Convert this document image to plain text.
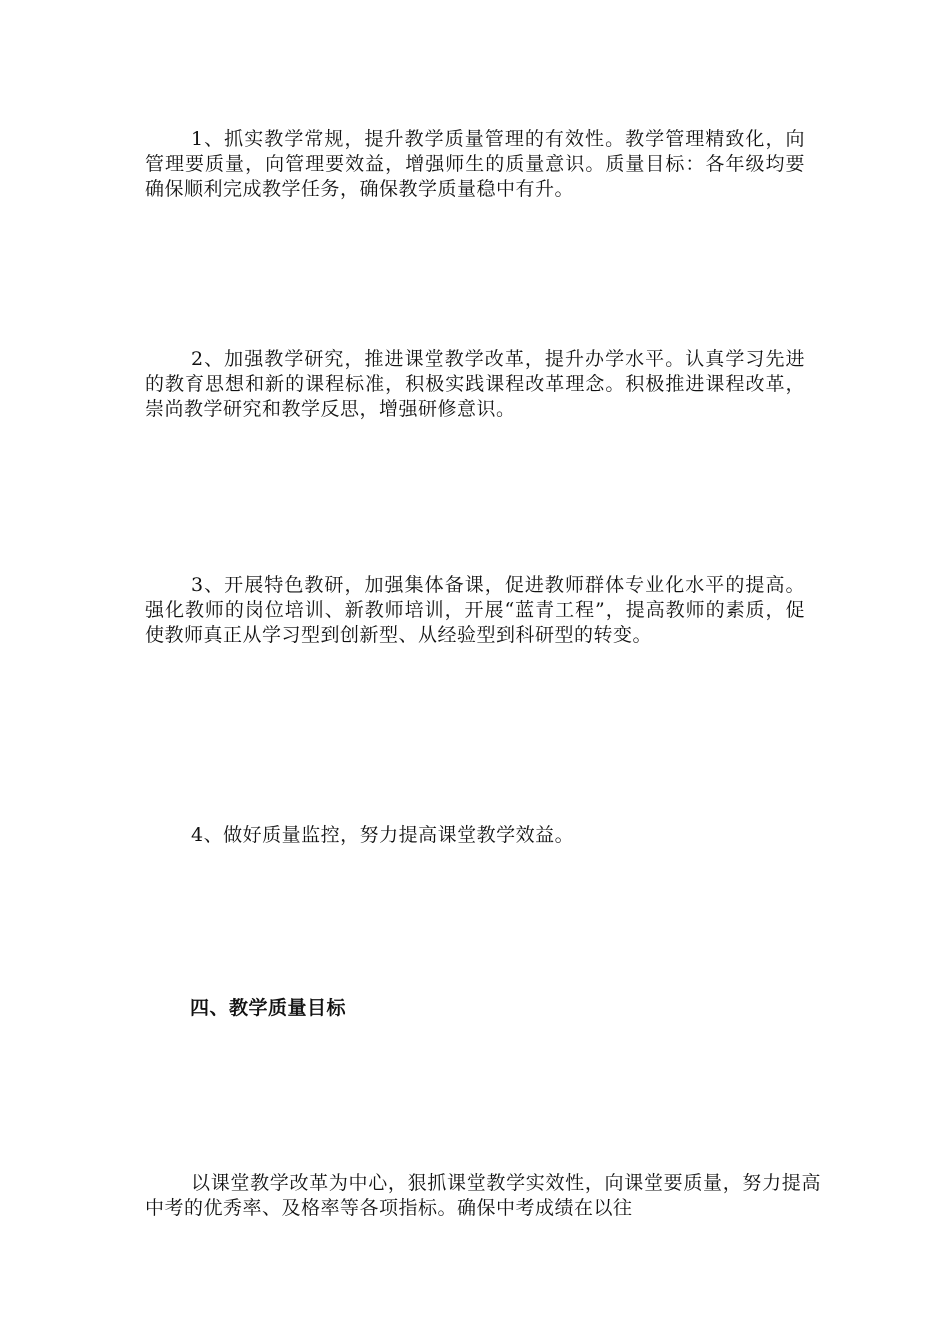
1、抓实教学常规，提升教学质量管理的有效性。教学管理精致化，向管理要质量，向管理要效益，增强师生的质量意识。质量目标：各年级均要确保顺利完成教学任务，确保教学质量稳中有升。

2、加强教学研究，推进课堂教学改革，提升办学水平。认真学习先进的教育思想和新的课程标准，积极实践课程改革理念。积极推进课程改革，崇尚教学研究和教学反思，增强研修意识。

3、开展特色教研，加强集体备课，促进教师群体专业化水平的提高。强化教师的岗位培训、新教师培训，开展“蓝青工程”，提高教师的素质，促使教师真正从学习型到创新型、从经验型到科研型的转变。

4、做好质量监控，努力提高课堂教学效益。

四、教学质量目标

以课堂教学改革为中心，狠抓课堂教学实效性，向课堂要质量，努力提高中考的优秀率、及格率等各项指标。确保中考成绩在以往
